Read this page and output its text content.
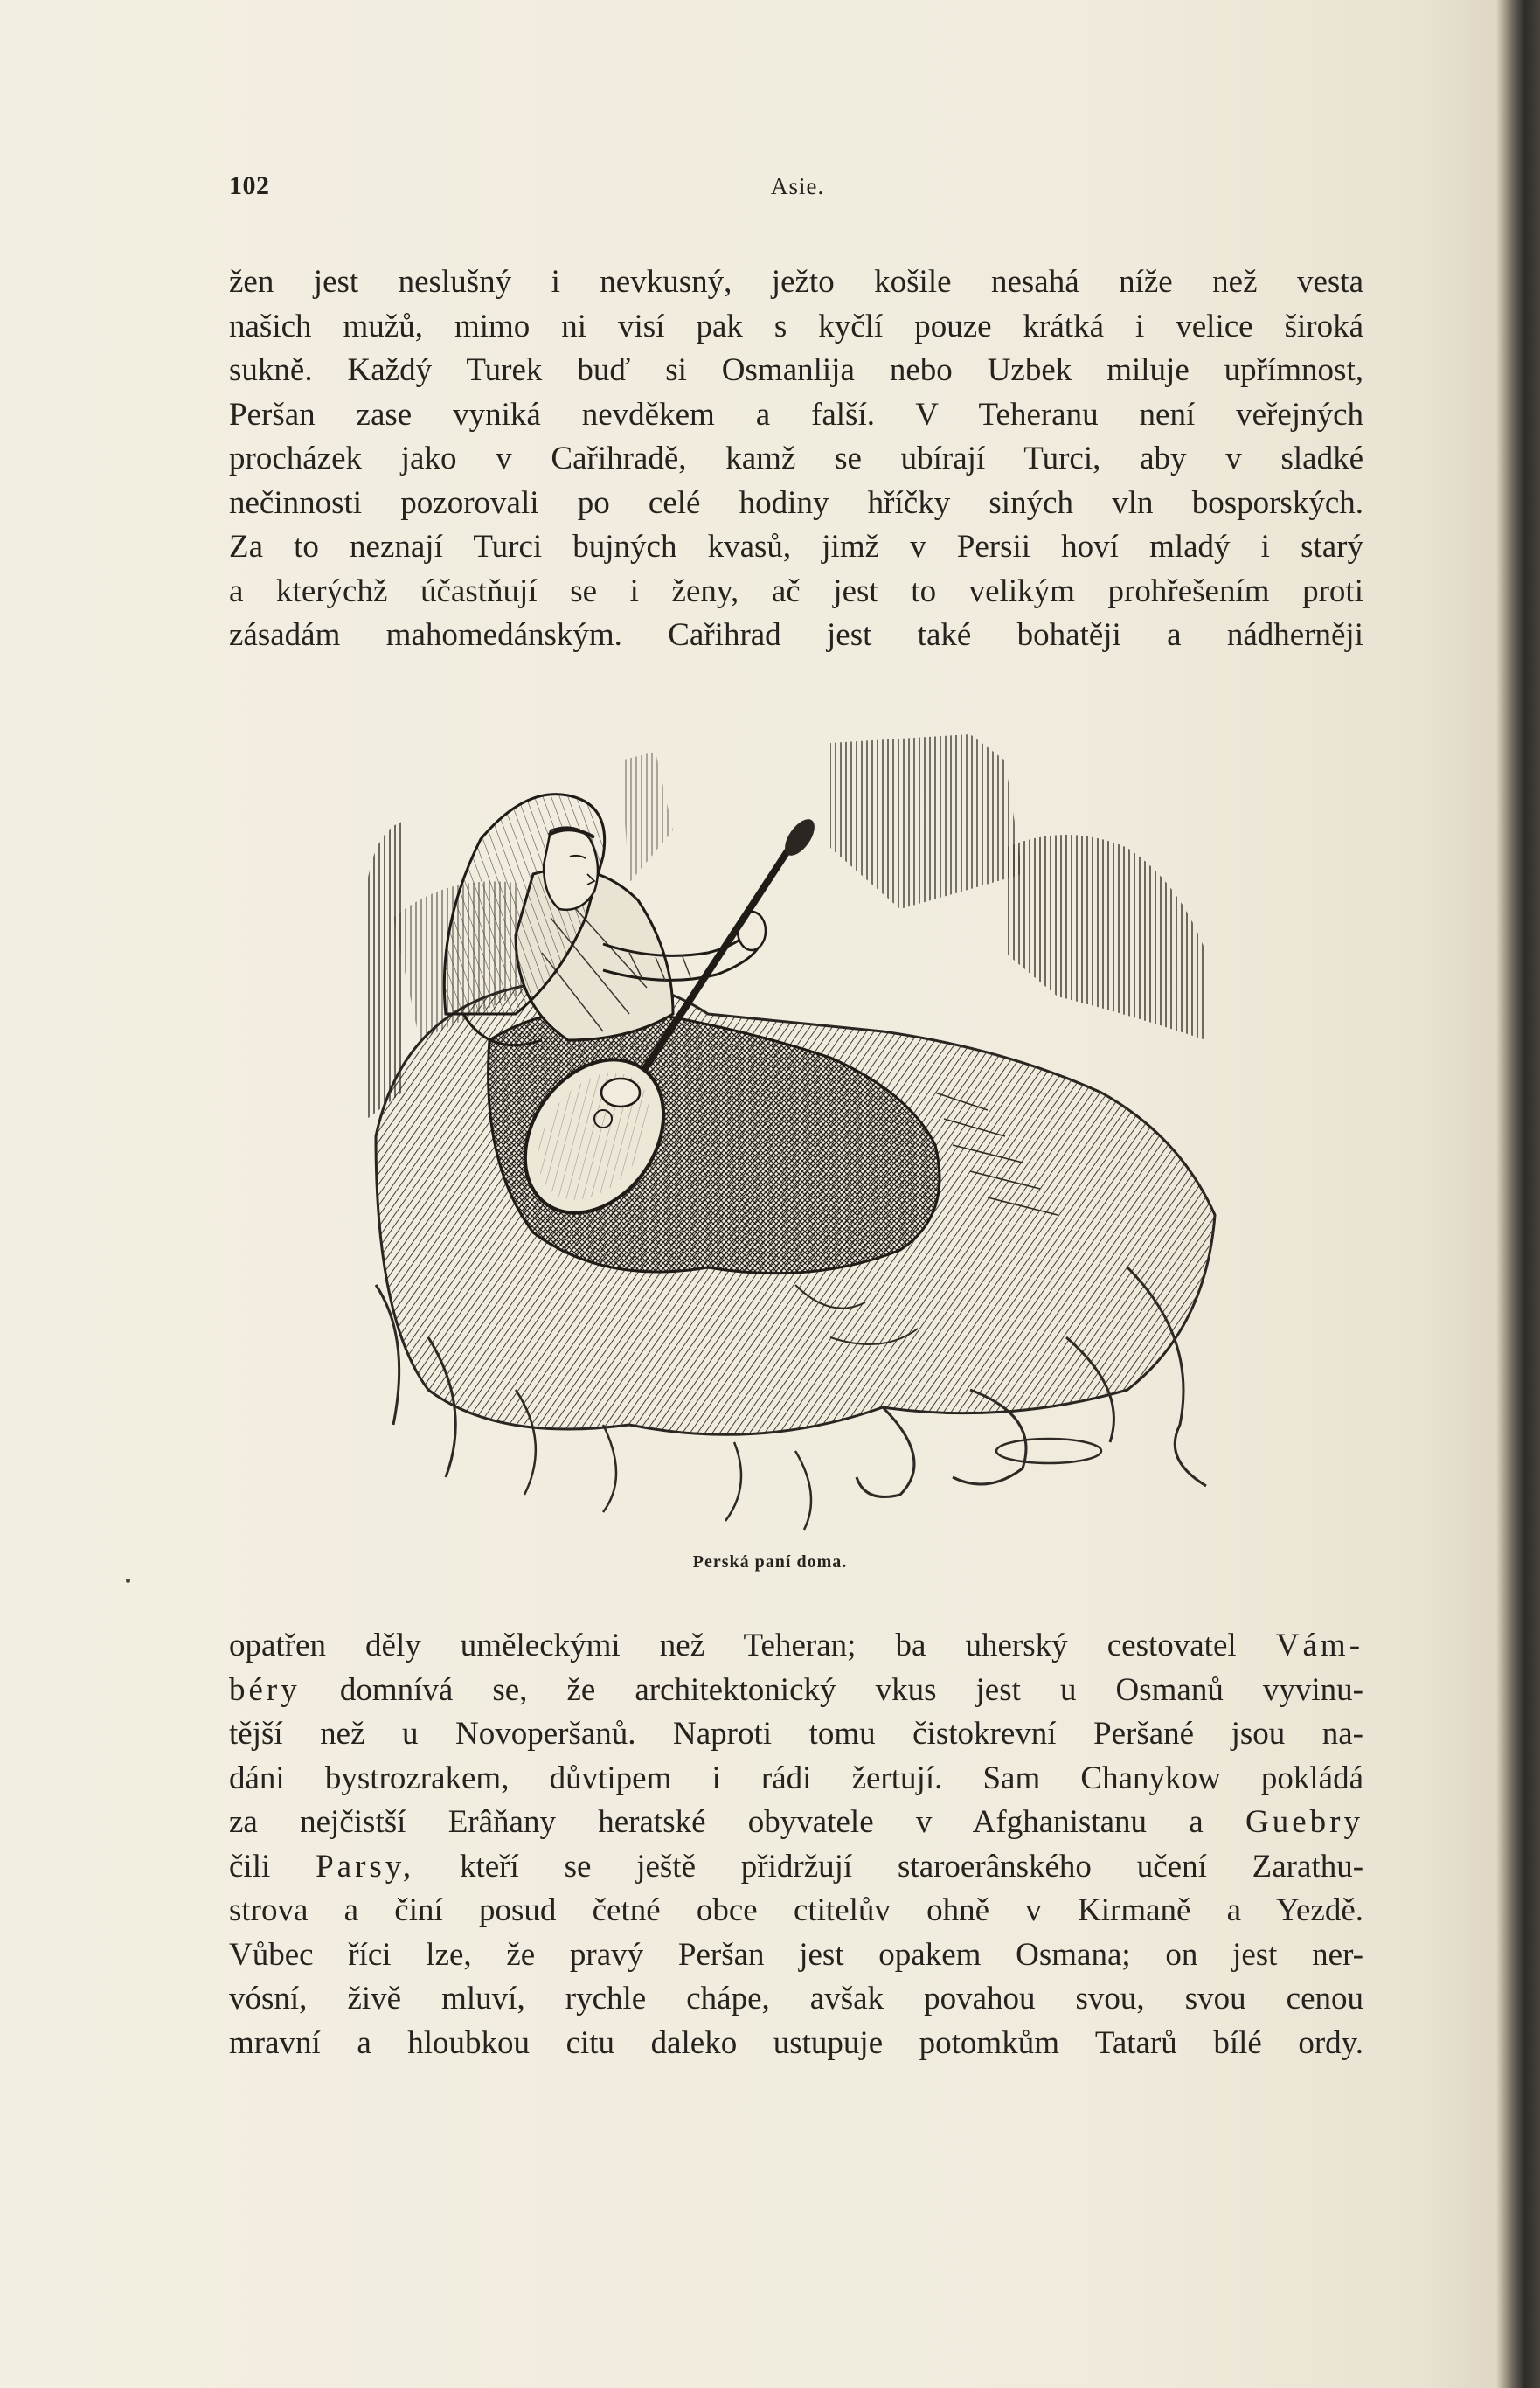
102	Asie.
žen jest neslušný i nevkusný, ježto košile nesahá níže než vesta
našich mužů, mimo ni visí pak s kyčlí pouze krátká i velice široká
sukně. Každý Turek buď si Osmanlija nebo Uzbek miluje upřímnost,
Peršan zase vyniká nevděkem a falší. V Teheranu není veřejných
procházek jako v Cařihradě, kamž se ubírají Turci, aby v sladké
nečinnosti pozorovali po celé hodiny hříčky siných vln bosporských.
Za to neznají Turci bujných kvasů, jimž v Persii hoví mladý i starý
a kterýchž účastňují se i ženy, ač jest to velikým prohřešením proti
zásadám mahomedánským. Cařihrad jest také bohatěji a nádherněji
Perská paní doma.
opatřen děly uměleckými než Teheran; ba uherský cestovatel Vám-
béry domnívá se, že architektonický vkus jest u Osmanů vyvinu-
tější než u Novoperšanů. Naproti tomu čistokrevní Peršané jsou na-
dáni bystrozrakem, důvtipem i rádi žertují. Sam Chanykow pokládá
za nejčistší Erâňany heratské obyvatele v Afghanistanu a Guebry
čili Parsy, kteří se ještě přidržují staroerânského učení Zarathu-
strova a činí posud četné obce ctitelův ohně v Kirmaně a Yezdě.
Vůbec říci lze, že pravý Peršan jest opakem Osmana; on jest ner-
vósní, živě mluví, rychle chápe, avšak povahou svou, svou cenou
mravní a hloubkou citu daleko ustupuje potomkům Tatarů bílé ordy.
